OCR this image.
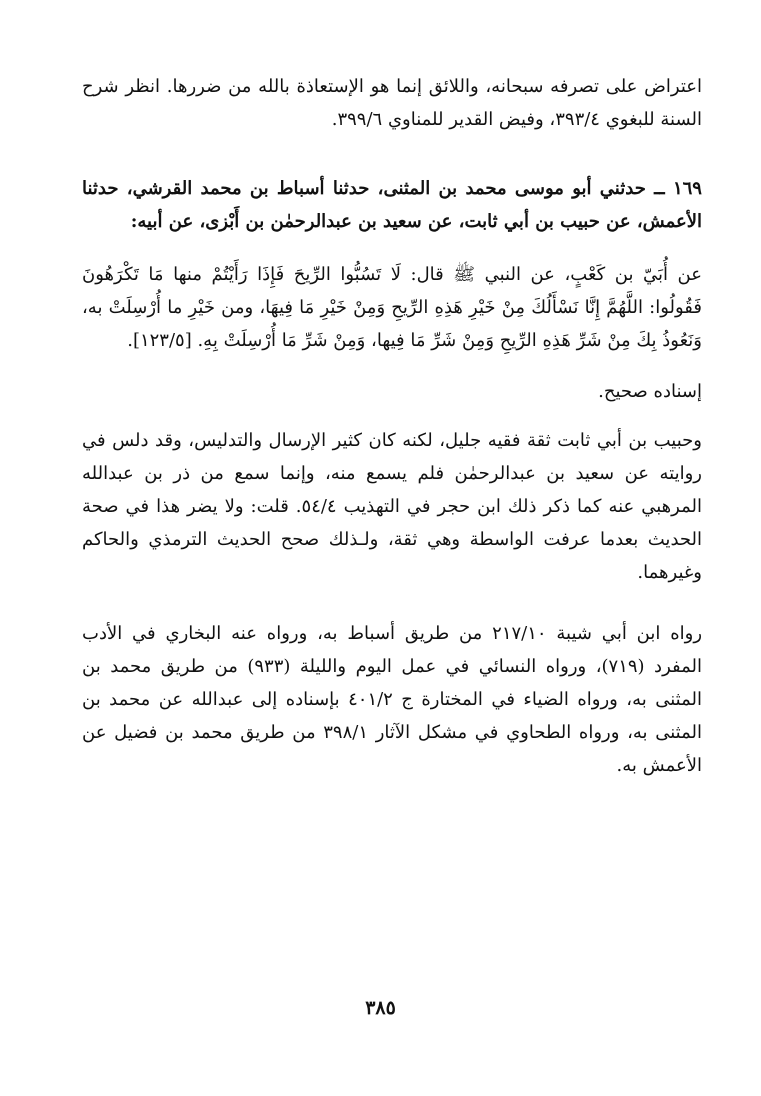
اعتراض على تصرفه سبحانه، واللائق إنما هو الإستعاذة بالله من ضررها. انظر شرح السنة للبغوي ٣٩٣/٤، وفيض القدير للمناوي ٣٩٩/٦.

١٦٩ ــ حدثني أبو موسى محمد بن المثنى، حدثنا أسباط بن محمد القرشي، حدثنا الأعمش، عن حبيب بن أبي ثابت، عن سعيد بن عبدالرحمٰن بن أَبْزى، عن أبيه:

عن أُبَيّ بن كَعْبٍ، عن النبي ﷺ قال: لَا تَسُبُّوا الرِّيحَ فَإِذَا رَأَيْتُمْ منها مَا تَكْرَهُونَ فَقُولُوا: اللَّهُمَّ إِنَّا نَسْأَلُكَ مِنْ خَيْرِ هَذِهِ الرِّيحِ وَمِنْ خَيْرِ مَا فِيهَا، ومن خَيْرِ ما أُرْسِلَتْ به، وَنَعُوذُ بِكَ مِنْ شَرِّ هَذِهِ الرِّيحِ وَمِنْ شَرِّ مَا فِيها، وَمِنْ شَرِّ مَا أُرْسِلَتْ بِهِ. [١٢٣/٥].

إسناده صحيح.

وحبيب بن أبي ثابت ثقة فقيه جليل، لكنه كان كثير الإرسال والتدليس، وقد دلس في روايته عن سعيد بن عبدالرحمٰن فلم يسمع منه، وإنما سمع من ذر بن عبدالله المرهبي عنه كما ذكر ذلك ابن حجر في التهذيب ٥٤/٤. قلت: ولا يضر هذا في صحة الحديث بعدما عرفت الواسطة وهي ثقة، ولـذلك صحح الحديث الترمذي والحاكم وغيرهما.

رواه ابن أبي شيبة ٢١٧/١٠ من طريق أسباط به، ورواه عنه البخاري في الأدب المفرد (٧١٩)، ورواه النسائي في عمل اليوم والليلة (٩٣٣) من طريق محمد بن المثنى به، ورواه الضياء في المختارة ج ٤٠١/٢ بإسناده إلى عبدالله عن محمد بن المثنى به، ورواه الطحاوي في مشكل الآثار ٣٩٨/١ من طريق محمد بن فضيل عن الأعمش به.

٣٨٥
